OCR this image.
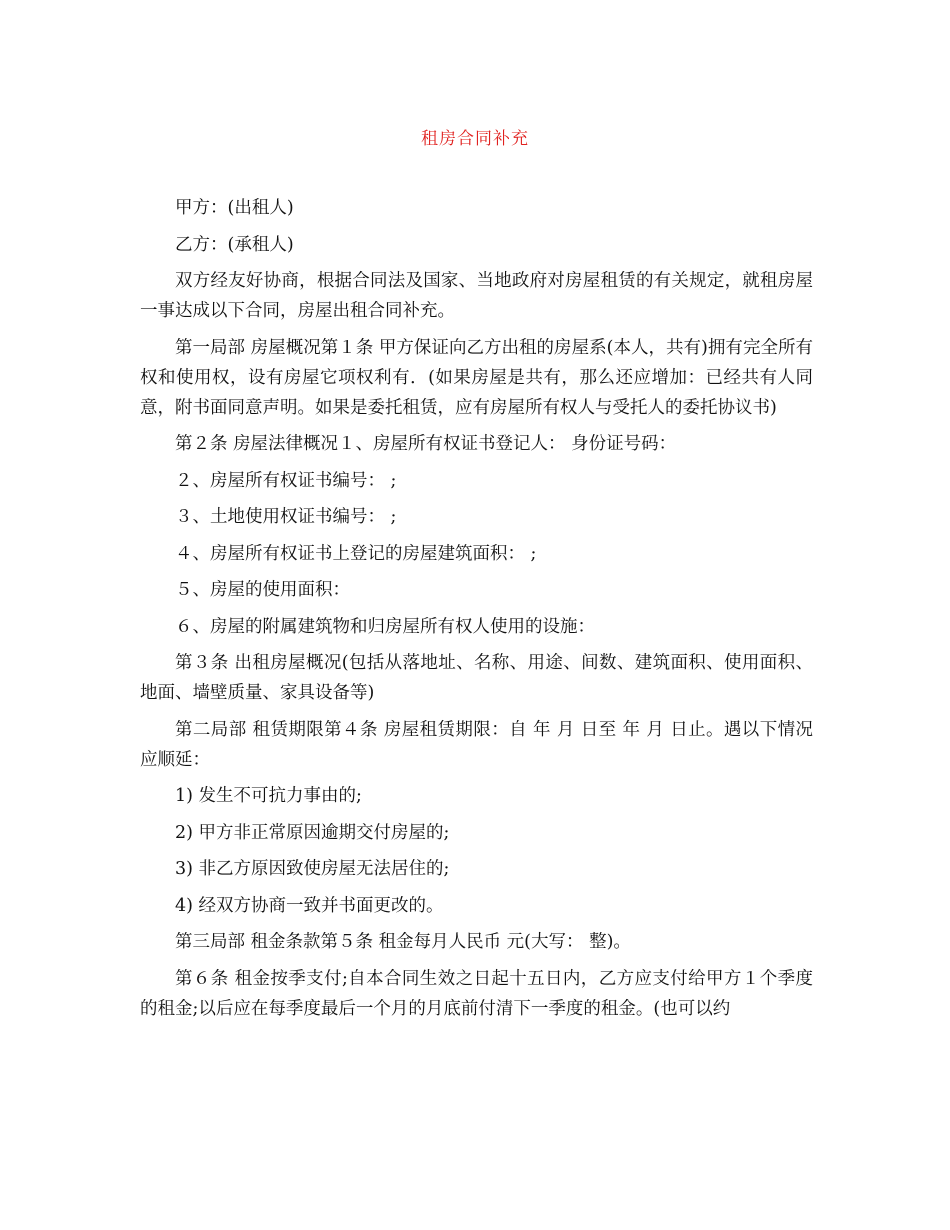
租房合同补充

甲方：(出租人)

乙方：(承租人)

双方经友好协商，根据合同法及国家、当地政府对房屋租赁的有关规定，就租房屋一事达成以下合同，房屋出租合同补充。

第一局部 房屋概况第１条 甲方保证向乙方出租的房屋系(本人，共有)拥有完全所有权和使用权，设有房屋它项权利有．(如果房屋是共有，那么还应增加：已经共有人同意，附书面同意声明。如果是委托租赁，应有房屋所有权人与受托人的委托协议书)

第２条 房屋法律概况１、房屋所有权证书登记人： 身份证号码：

２、房屋所有权证书编号： ;

３、土地使用权证书编号： ;

４、房屋所有权证书上登记的房屋建筑面积： ;

５、房屋的使用面积：

６、房屋的附属建筑物和归房屋所有权人使用的设施：

第３条 出租房屋概况(包括从落地址、名称、用途、间数、建筑面积、使用面积、地面、墙壁质量、家具设备等)

第二局部 租赁期限第４条 房屋租赁期限：自 年 月 日至 年 月 日止。遇以下情况应顺延：

1) 发生不可抗力事由的;

2) 甲方非正常原因逾期交付房屋的;

3) 非乙方原因致使房屋无法居住的;

4) 经双方协商一致并书面更改的。

第三局部 租金条款第５条 租金每月人民币 元(大写： 整)。

第６条 租金按季支付;自本合同生效之日起十五日内，乙方应支付给甲方１个季度的租金;以后应在每季度最后一个月的月底前付清下一季度的租金。(也可以约
